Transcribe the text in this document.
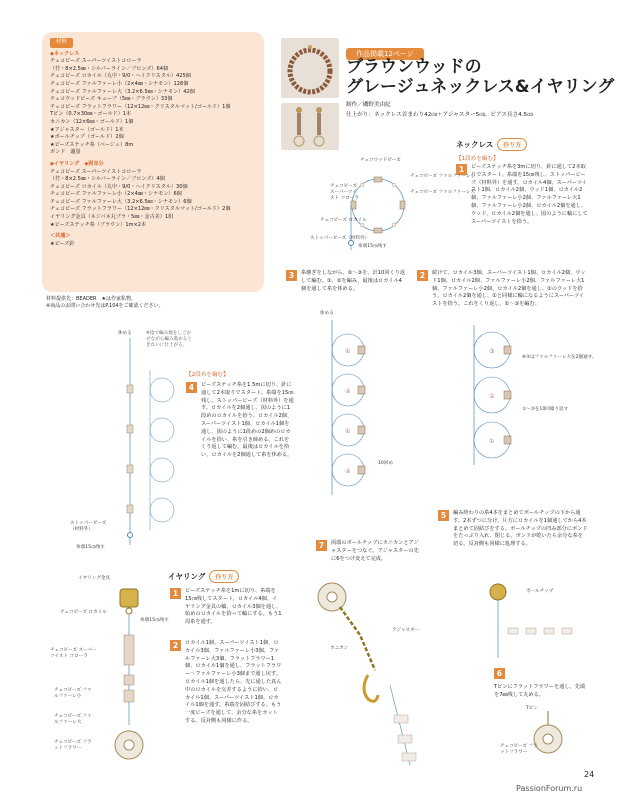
材料
◆ネックレス
チェコビーズ スーパーツイストコローラ
（竹・8×2.5㎜・シルバーライン／ブロンズ）64個
チェコビーズ ロカイル（丸中・9/0・ヘイクリスタル）425個
チェコビーズ ファルファーレ小（2×4㎜・シナモン）128個
チェコビーズ ファルファーレ大（3.2×6.5㎜・シナモン）42個
チェコウッドビーズ キューブ（5㎜・ブラウン）33個
チェコビーズ フラットフラワー（12×12㎜・クリスタルマット/ゴールド）1個
Tピン（0.7×30㎜・ゴールド）1本
カニカン（12×6㎜・ゴールド）1個
★アジャスター（ゴールド）1本
★ボールチップ（ゴールド）2個
★ビーズステッチ糸（ベージュ）8m
ボンド　適量
◆イヤリング　◆両耳分
チェコビーズ スーパーツイストコローラ
（竹・8×2.5㎜・シルバーライン／ブロンズ）4個
チェコビーズ ロカイル（丸中・9/0・ヘイクリスタル）30個
チェコビーズ ファルファーレ小（2×4㎜・シナモン）6個
チェコビーズ ファルファーレ大（3.2×6.5㎜・シナモン）6個
チェコビーズ フラットフラワー（12×12㎜・クリスタルマット/ゴールド）2個
イヤリング金具（ネジバネ丸プラ・5㎜・金古美）1組
★ビーズステッチ糸（ブラウン）1m×2本
＜共通＞
★ビーズ針
材料提供先：BEADER　★は作家私物。
※商品のお問い合わせ先はP.104をご確認ください。
作品掲載12ページ
ブラウンウッドの
グレージュネックレス&イヤリング
制作／磯野美由紀
仕上がり：ネックレス首まわり42㎝＋アジャスター5㎝、ピアス長さ4.5㎝
ネックレス 作り方
【1段めを編む】
1	ビーズステッチ糸を3mに切り、針に通して2本取りでスタート。糸端を15㎝残し、ストッパービーズ（材料外）を通す。ロカイル4個、スーパーツイスト1個、ロカイル2個、ウッド1個、ロカイル2個、ファルファーレ小2個、ファルファーレ大1個、ファルファーレ小2個、ロカイル2個を通し、ウッド、ロカイル2個を通し、図のように輪にしてスーパーツイストを拾う。
チェコウッドビーズ
チェコビーズ ファルファーレ小
チェコビーズ ファルファーレ大
チェコビーズ スーパーツイスト コローラ
チェコビーズ ロカイル
ストッパービーズ（材料外）
糸端15㎝残す
3	糸継ぎをしながら、①〜③を、計10回くり返して編む。①、②を編み、最後はロカイル4個を通して糸を休める。
2	続けて、ロカイル3個、スーパーツイスト1個、ロカイル2個、ウッド1個、ロカイル2個、ファルファーレ小2個、ファルファーレ大1個、ファルファーレ小2個、ロカイル2個を通し、①のウッドを拾う。ロカイル2個を通し、①と同様に輪になるようにスーパーツイストを拾う。これをくり返し、①〜③を編む。
休める
①
②
①
②
10回め
③
②
①
※③はファルファーレ大を2個通す。
①〜③を10回繰り返す
【2段めを編む】
4	ビーズステッチ糸を1.5mに切り、針に通して2本取りでスタート。糸端を15㎝残し、ストッパービーズ（材料外）を通す。ロカイルを2個通し、図のように1段めのロカイルを拾う。ロカイル2個、スーパーツイスト1個、ロカイル1個を通し、図のように1段めの2個めのロカイルを拾い、糸を引き締める。これをくり返して編む。最後はロカイルを拾い、ロカイルを2個通して糸を休める。
休める	※指で編み地をしごかせながら編み進めるときれいに仕上がる。
ストッパービーズ（材料外）
糸端15㎝残す
イヤリング 作り方
1	ビーズステッチ糸を1mに切り、糸端を15㎝残してスタート。ロカイル4個、イヤリング金具の輪、ロカイル3個を通し、始めのロカイルを拾って輪にする。もう1周糸を通す。
2	ロカイル1個、スーパーツイスト1個、ロカイル3個、ファルファーレ小3個、ファルファーレ大3個、フラットフラワー1個、ロカイル1個を通し、フラットフラワー〜ファルファーレ小3個まで通し戻す。ロカイル1個を通したら、先に通した真ん中のロカイルを交差するように拾い、ロカイル1個、スーパーツイスト1個、ロカイル1個を通す。糸端を固結びする。もう一度ビーズを通して、余分な糸をカットする。反対側も同様に作る。
イヤリング金具
チェコビーズ ロカイル
糸端15㎝残す
チェコビーズ スーパーツイスト コローラ
チェコビーズ ファルファーレ小
チェコビーズ ファルファーレ大
チェコビーズ フラットフラワー
7	両端のボールチップにカニカンとアジャスターをつなぐ。アジャスターの先に6をつけ変えて完成。
アジャスター
カニカン
5	編み終わりの糸4本をまとめてボールチップの下から通す。2本ずつに分け、片方にロカイルを1個通してから4本まとめて固結びをする。ボールチップの凹み部分にボンドをたっぷり入れ、閉じる。ボンドが乾いたら余分な糸を切る。反対側も同様に処理する。
ボールチップ
6
Tピンにフラットフラワーを通し、先端を7㎜残して丸める。
Tピン
チェコビーズ フラットフラワー
24
PassionForum.ru
